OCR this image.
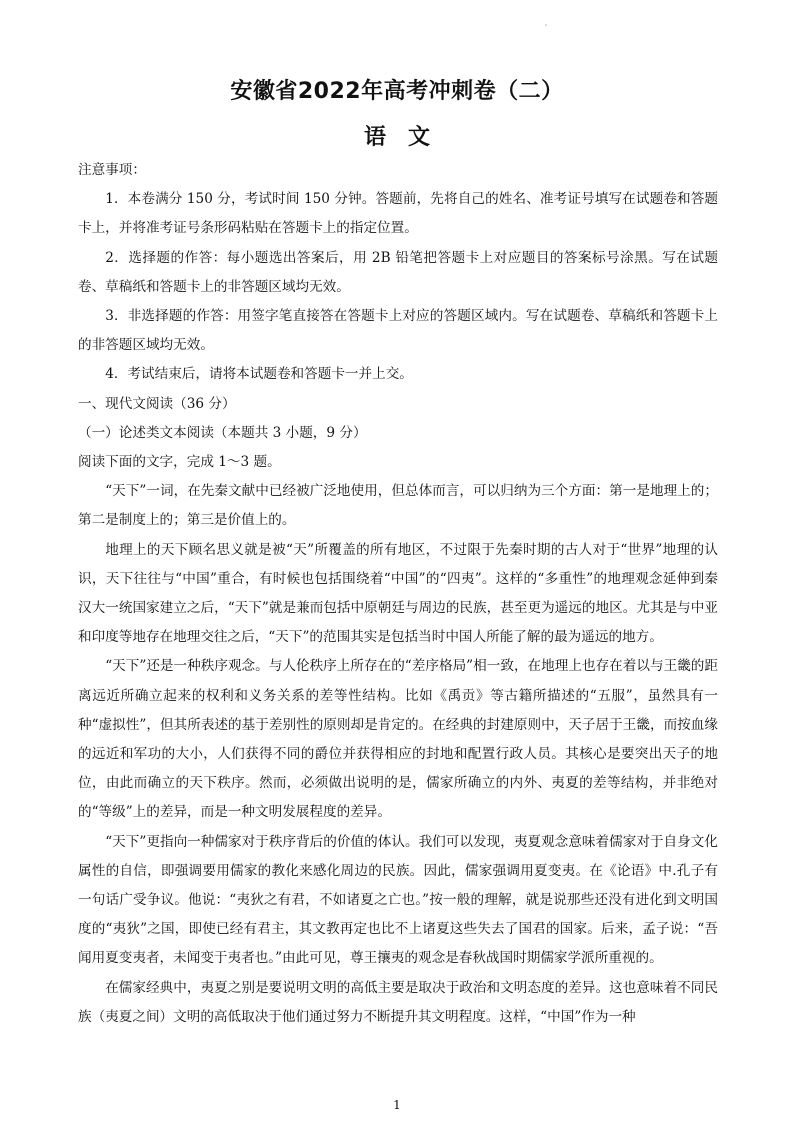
安徽省2022年高考冲刺卷（二）
语　文

注意事项：

1．本卷满分 150 分，考试时间 150 分钟。答题前，先将自己的姓名、准考证号填写在试题卷和答题卡上，并将准考证号条形码粘贴在答题卡上的指定位置。

2．选择题的作答：每小题选出答案后，用 2B 铅笔把答题卡上对应题目的答案标号涂黑。写在试题卷、草稿纸和答题卡上的非答题区域均无效。

3．非选择题的作答：用签字笔直接答在答题卡上对应的答题区域内。写在试题卷、草稿纸和答题卡上的非答题区域均无效。

4．考试结束后，请将本试题卷和答题卡一并上交。

一、现代文阅读（36 分）

（一）论述类文本阅读（本题共 3 小题，9 分）

阅读下面的文字，完成 1～3 题。

“天下”一词，在先秦文献中已经被广泛地使用，但总体而言，可以归纳为三个方面：第一是地理上的；第二是制度上的；第三是价值上的。

地理上的天下顾名思义就是被“天”所覆盖的所有地区，不过限于先秦时期的古人对于“世界”地理的认识，天下往往与“中国”重合，有时候也包括围绕着“中国”的“四夷”。这样的“多重性”的地理观念延伸到秦汉大一统国家建立之后，“天下”就是兼而包括中原朝廷与周边的民族，甚至更为遥远的地区。尤其是与中亚和印度等地存在地理交往之后，“天下”的范围其实是包括当时中国人所能了解的最为遥远的地方。

“天下”还是一种秩序观念。与人伦秩序上所存在的“差序格局”相一致，在地理上也存在着以与王畿的距离远近所确立起来的权利和义务关系的差等性结构。比如《禹贡》等古籍所描述的“五服”，虽然具有一种“虚拟性”，但其所表述的基于差别性的原则却是肯定的。在经典的封建原则中，天子居于王畿，而按血缘的远近和军功的大小，人们获得不同的爵位并获得相应的封地和配置行政人员。其核心是要突出天子的地位，由此而确立的天下秩序。然而，必须做出说明的是，儒家所确立的内外、夷夏的差等结构，并非绝对的“等级”上的差异，而是一种文明发展程度的差异。

“天下”更指向一种儒家对于秩序背后的价值的体认。我们可以发现，夷夏观念意味着儒家对于自身文化属性的自信，即强调要用儒家的教化来感化周边的民族。因此，儒家强调用夏变夷。在《论语》中.孔子有一句话广受争议。他说：“夷狄之有君，不如诸夏之亡也。”按一般的理解，就是说那些还没有进化到文明国度的“夷狄”之国，即使已经有君主，其文教再定也比不上诸夏这些失去了国君的国家。后来，孟子说：“吾闻用夏变夷者，未闻变于夷者也。”由此可见，尊王攘夷的观念是春秋战国时期儒家学派所重视的。

在儒家经典中，夷夏之别是要说明文明的高低主要是取决于政治和文明态度的差异。这也意味着不同民族（夷夏之间）文明的高低取决于他们通过努力不断提升其文明程度。这样，“中国”作为一种

1
